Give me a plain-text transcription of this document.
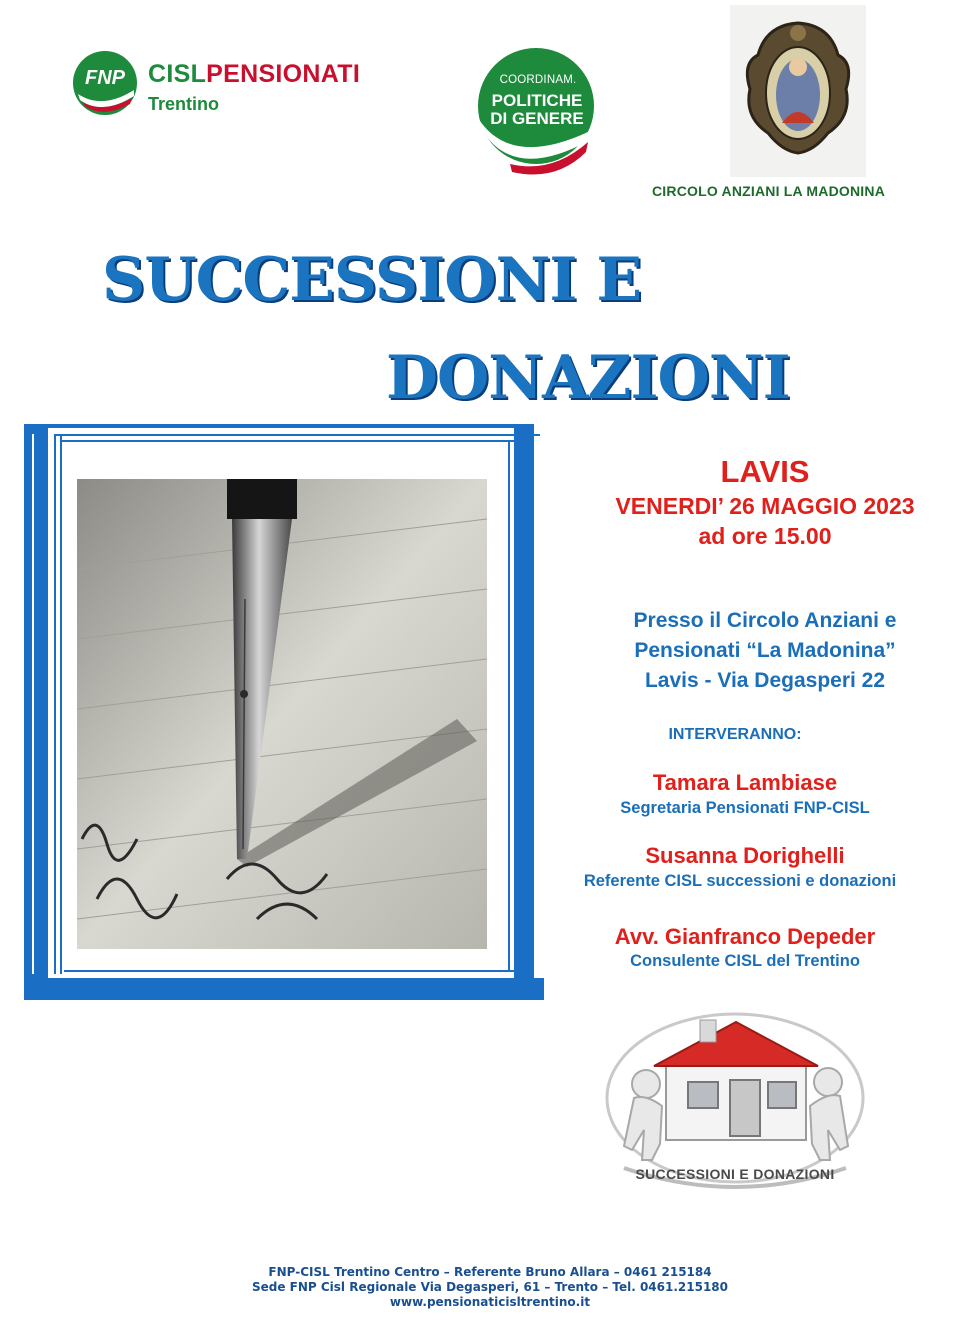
FNP CISLPENSIONATI
Trentino
COORDINAM.
POLITICHE
DI GENERE
CIRCOLO ANZIANI LA MADONINA
SUCCESSIONI E
DONAZIONI
LAVIS
VENERDI’ 26 MAGGIO 2023
ad ore 15.00
Presso il Circolo Anziani e
Pensionati “La Madonina”
Lavis - Via Degasperi 22
INTERVERANNO:
Tamara Lambiase
Segretaria Pensionati FNP-CISL
Susanna Dorighelli
Referente CISL successioni e donazioni
Avv. Gianfranco Depeder
Consulente CISL del Trentino
SUCCESSIONI E DONAZIONI
FNP-CISL Trentino Centro – Referente Bruno Allara – 0461 215184
Sede FNP Cisl Regionale Via Degasperi, 61 – Trento – Tel. 0461.215180
www.pensionaticisltrentino.it
